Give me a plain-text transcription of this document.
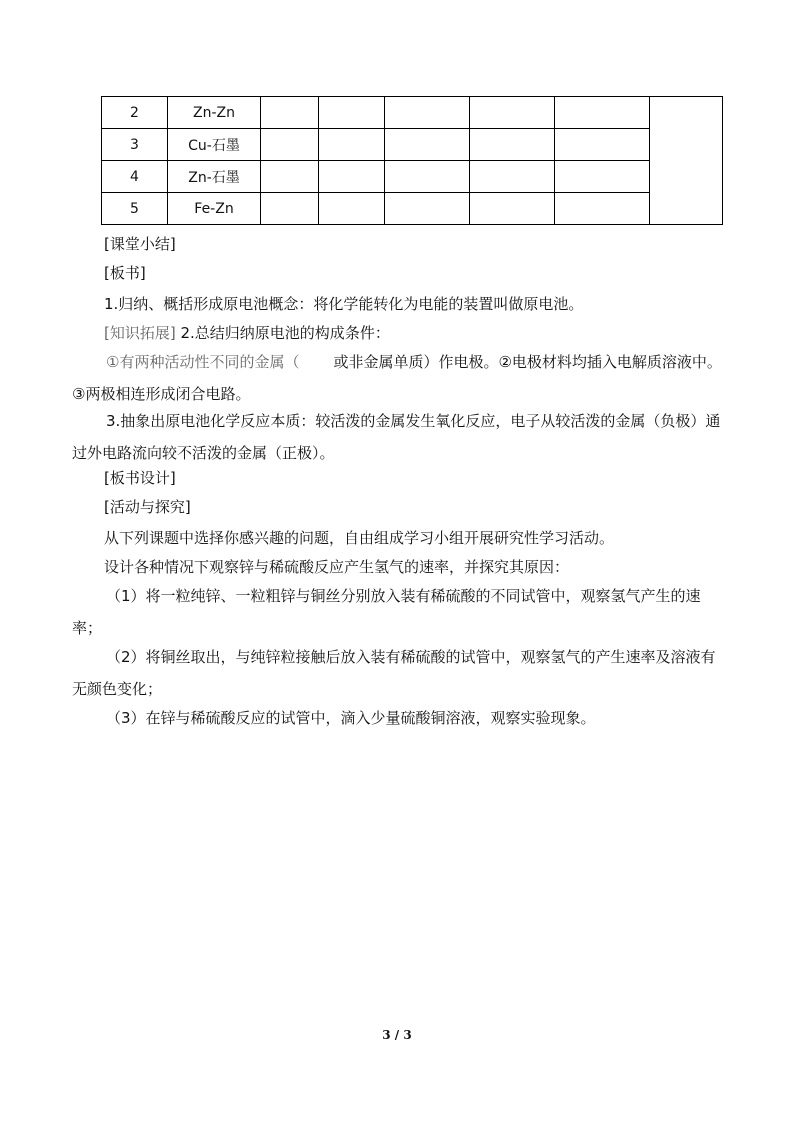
2	Zn-Zn						
3	Cu-石墨						
4	Zn-石墨						
5	Fe-Zn						
[课堂小结]
[板书]
1.归纳、概括形成原电池概念：将化学能转化为电能的装置叫做原电池。
[知识拓展] 2.总结归纳原电池的构成条件：
①有两种活动性不同的金属（ 或非金属单质）作电极。②电极材料均插入电解质溶液中。③两极相连形成闭合电路。
3.抽象出原电池化学反应本质：较活泼的金属发生氧化反应，电子从较活泼的金属（负极）通过外电路流向较不活泼的金属（正极）。
[板书设计]
[活动与探究]
从下列课题中选择你感兴趣的问题，自由组成学习小组开展研究性学习活动。
设计各种情况下观察锌与稀硫酸反应产生氢气的速率，并探究其原因：
（1）将一粒纯锌、一粒粗锌与铜丝分别放入装有稀硫酸的不同试管中，观察氢气产生的速率；
（2）将铜丝取出，与纯锌粒接触后放入装有稀硫酸的试管中，观察氢气的产生速率及溶液有无颜色变化；
（3）在锌与稀硫酸反应的试管中，滴入少量硫酸铜溶液，观察实验现象。
3 / 3
